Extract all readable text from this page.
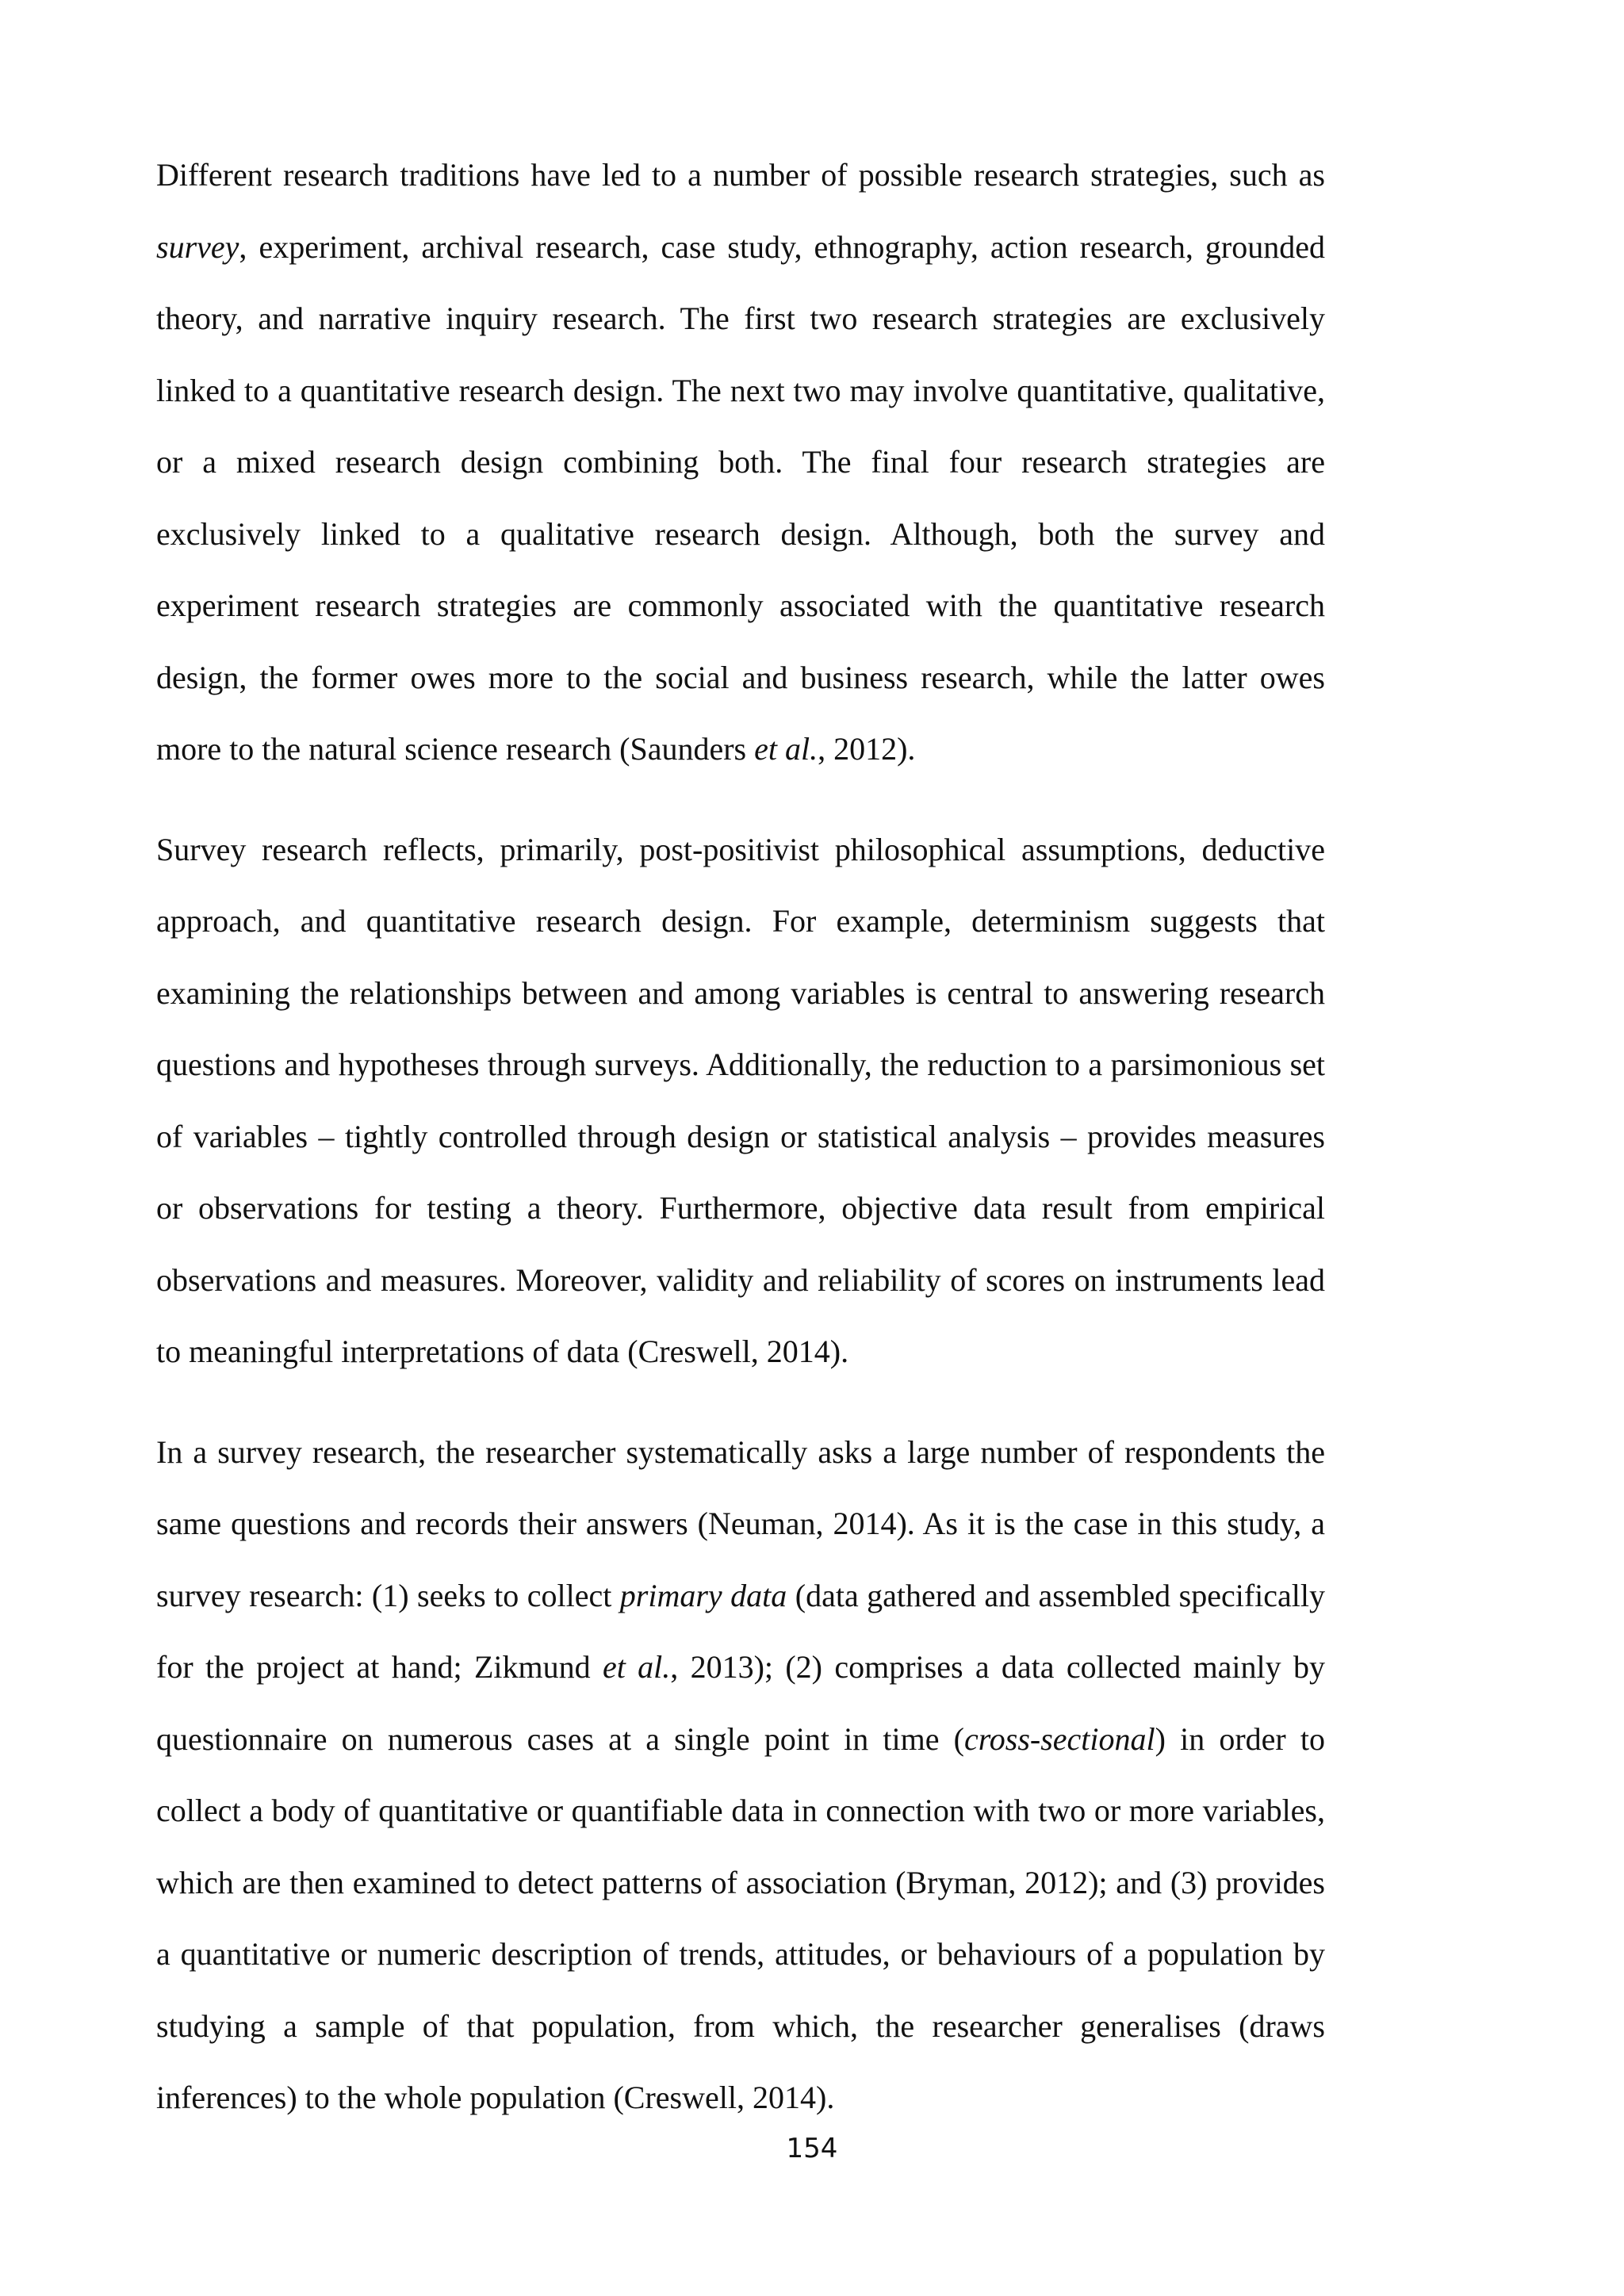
Different research traditions have led to a number of possible research strategies, such as survey, experiment, archival research, case study, ethnography, action research, grounded theory, and narrative inquiry research. The first two research strategies are exclusively linked to a quantitative research design. The next two may involve quantitative, qualitative, or a mixed research design combining both. The final four research strategies are exclusively linked to a qualitative research design. Although, both the survey and experiment research strategies are commonly associated with the quantitative research design, the former owes more to the social and business research, while the latter owes more to the natural science research (Saunders et al., 2012).

Survey research reflects, primarily, post-positivist philosophical assumptions, deductive approach, and quantitative research design. For example, determinism suggests that examining the relationships between and among variables is central to answering research questions and hypotheses through surveys. Additionally, the reduction to a parsimonious set of variables – tightly controlled through design or statistical analysis – provides measures or observations for testing a theory. Furthermore, objective data result from empirical observations and measures. Moreover, validity and reliability of scores on instruments lead to meaningful interpretations of data (Creswell, 2014).

In a survey research, the researcher systematically asks a large number of respondents the same questions and records their answers (Neuman, 2014). As it is the case in this study, a survey research: (1) seeks to collect primary data (data gathered and assembled specifically for the project at hand; Zikmund et al., 2013); (2) comprises a data collected mainly by questionnaire on numerous cases at a single point in time (cross-sectional) in order to collect a body of quantitative or quantifiable data in connection with two or more variables, which are then examined to detect patterns of association (Bryman, 2012); and (3) provides a quantitative or numeric description of trends, attitudes, or behaviours of a population by studying a sample of that population, from which, the researcher generalises (draws inferences) to the whole population (Creswell, 2014).

154
